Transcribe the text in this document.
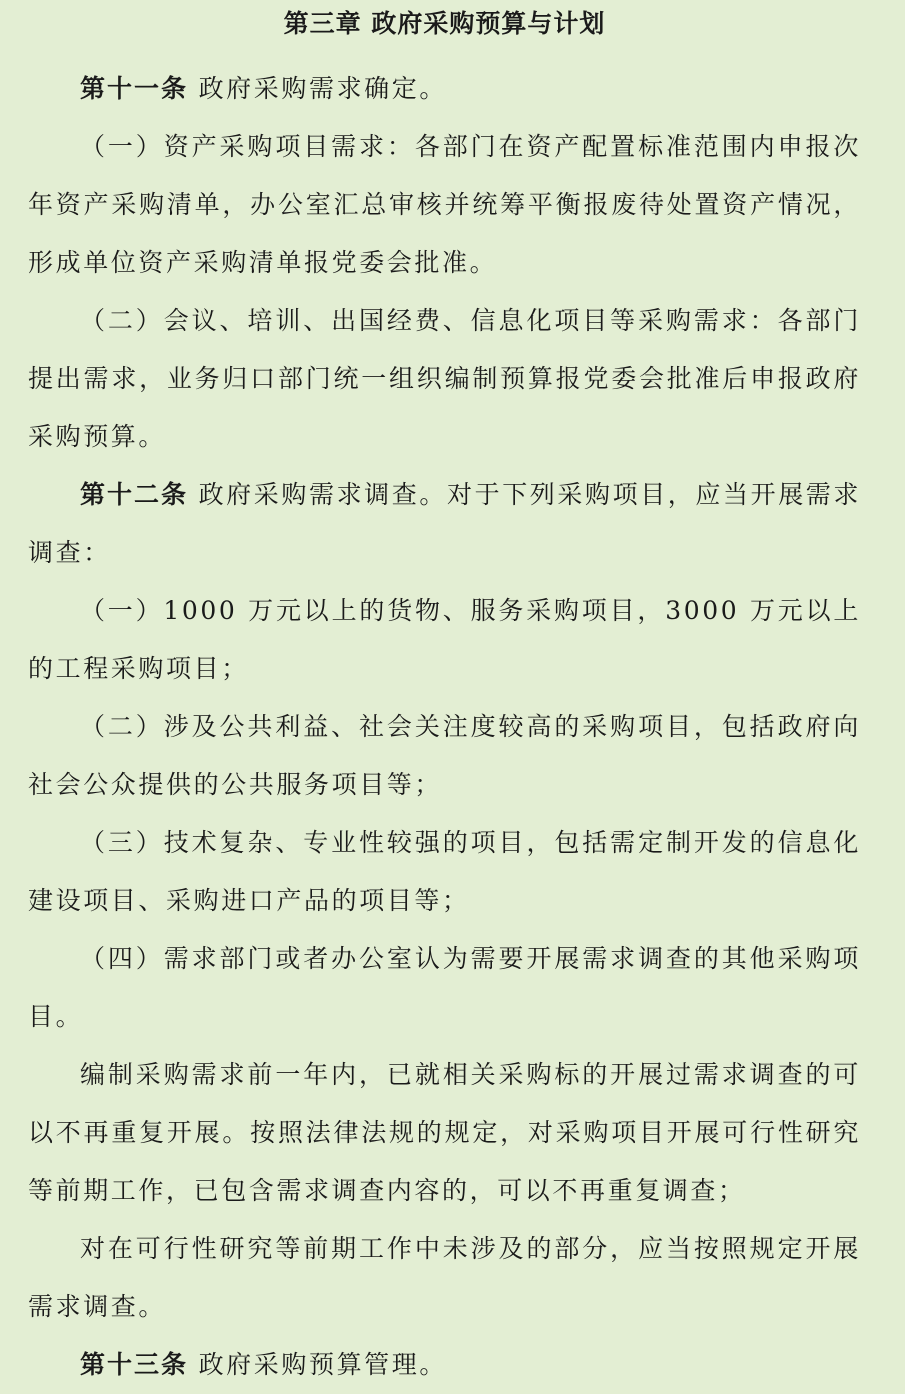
第三章 政府采购预算与计划

第十一条 政府采购需求确定。

（一）资产采购项目需求：各部门在资产配置标准范围内申报次年资产采购清单，办公室汇总审核并统筹平衡报废待处置资产情况，形成单位资产采购清单报党委会批准。

（二）会议、培训、出国经费、信息化项目等采购需求：各部门提出需求，业务归口部门统一组织编制预算报党委会批准后申报政府采购预算。

第十二条 政府采购需求调查。对于下列采购项目，应当开展需求调查：

（一）1000 万元以上的货物、服务采购项目，3000 万元以上的工程采购项目；

（二）涉及公共利益、社会关注度较高的采购项目，包括政府向社会公众提供的公共服务项目等；

（三）技术复杂、专业性较强的项目，包括需定制开发的信息化建设项目、采购进口产品的项目等；

（四）需求部门或者办公室认为需要开展需求调查的其他采购项目。

编制采购需求前一年内，已就相关采购标的开展过需求调查的可以不再重复开展。按照法律法规的规定，对采购项目开展可行性研究等前期工作，已包含需求调查内容的，可以不再重复调查；

对在可行性研究等前期工作中未涉及的部分，应当按照规定开展需求调查。

第十三条 政府采购预算管理。
